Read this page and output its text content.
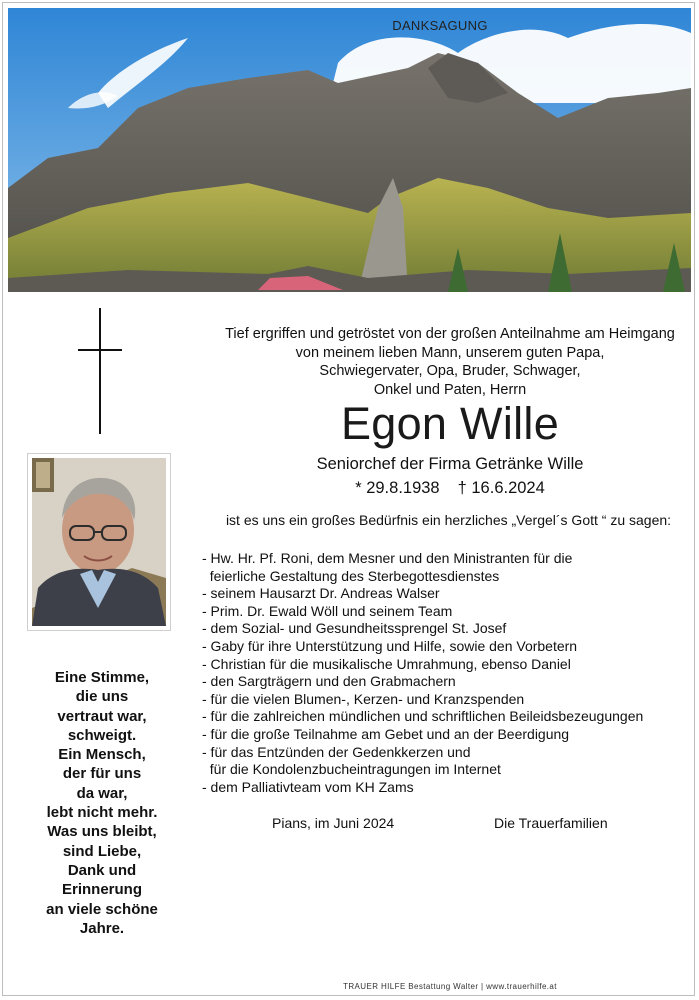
DANKSAGUNG
Tief ergriffen und getröstet von der großen Anteilnahme am Heimgang
von meinem lieben Mann, unserem guten Papa,
Schwiegervater, Opa, Bruder, Schwager,
Onkel und Paten, Herrn
Egon Wille
Seniorchef der Firma Getränke Wille
* 29.8.1938 † 16.6.2024
ist es uns ein großes Bedürfnis ein herzliches „Vergel´s Gott “ zu sagen:
- Hw. Hr. Pf. Roni, dem Mesner und den Ministranten für die
feierliche Gestaltung des Sterbegottesdienstes
- seinem Hausarzt Dr. Andreas Walser
- Prim. Dr. Ewald Wöll und seinem Team
- dem Sozial- und Gesundheitssprengel St. Josef
- Gaby für ihre Unterstützung und Hilfe, sowie den Vorbetern
- Christian für die musikalische Umrahmung, ebenso Daniel
- den Sargträgern und den Grabmachern
- für die vielen Blumen-, Kerzen- und Kranzspenden
- für die zahlreichen mündlichen und schriftlichen Beileidsbezeugungen
- für die große Teilnahme am Gebet und an der Beerdigung
- für das Entzünden der Gedenkkerzen und
für die Kondolenzbucheintragungen im Internet
- dem Palliativteam vom KH Zams
Pians, im Juni 2024	Die Trauerfamilien
Eine Stimme,
die uns
vertraut war,
schweigt.
Ein Mensch,
der für uns
da war,
lebt nicht mehr.
Was uns bleibt,
sind Liebe,
Dank und
Erinnerung
an viele schöne
Jahre.
TRAUER HILFE Bestattung Walter | www.trauerhilfe.at
